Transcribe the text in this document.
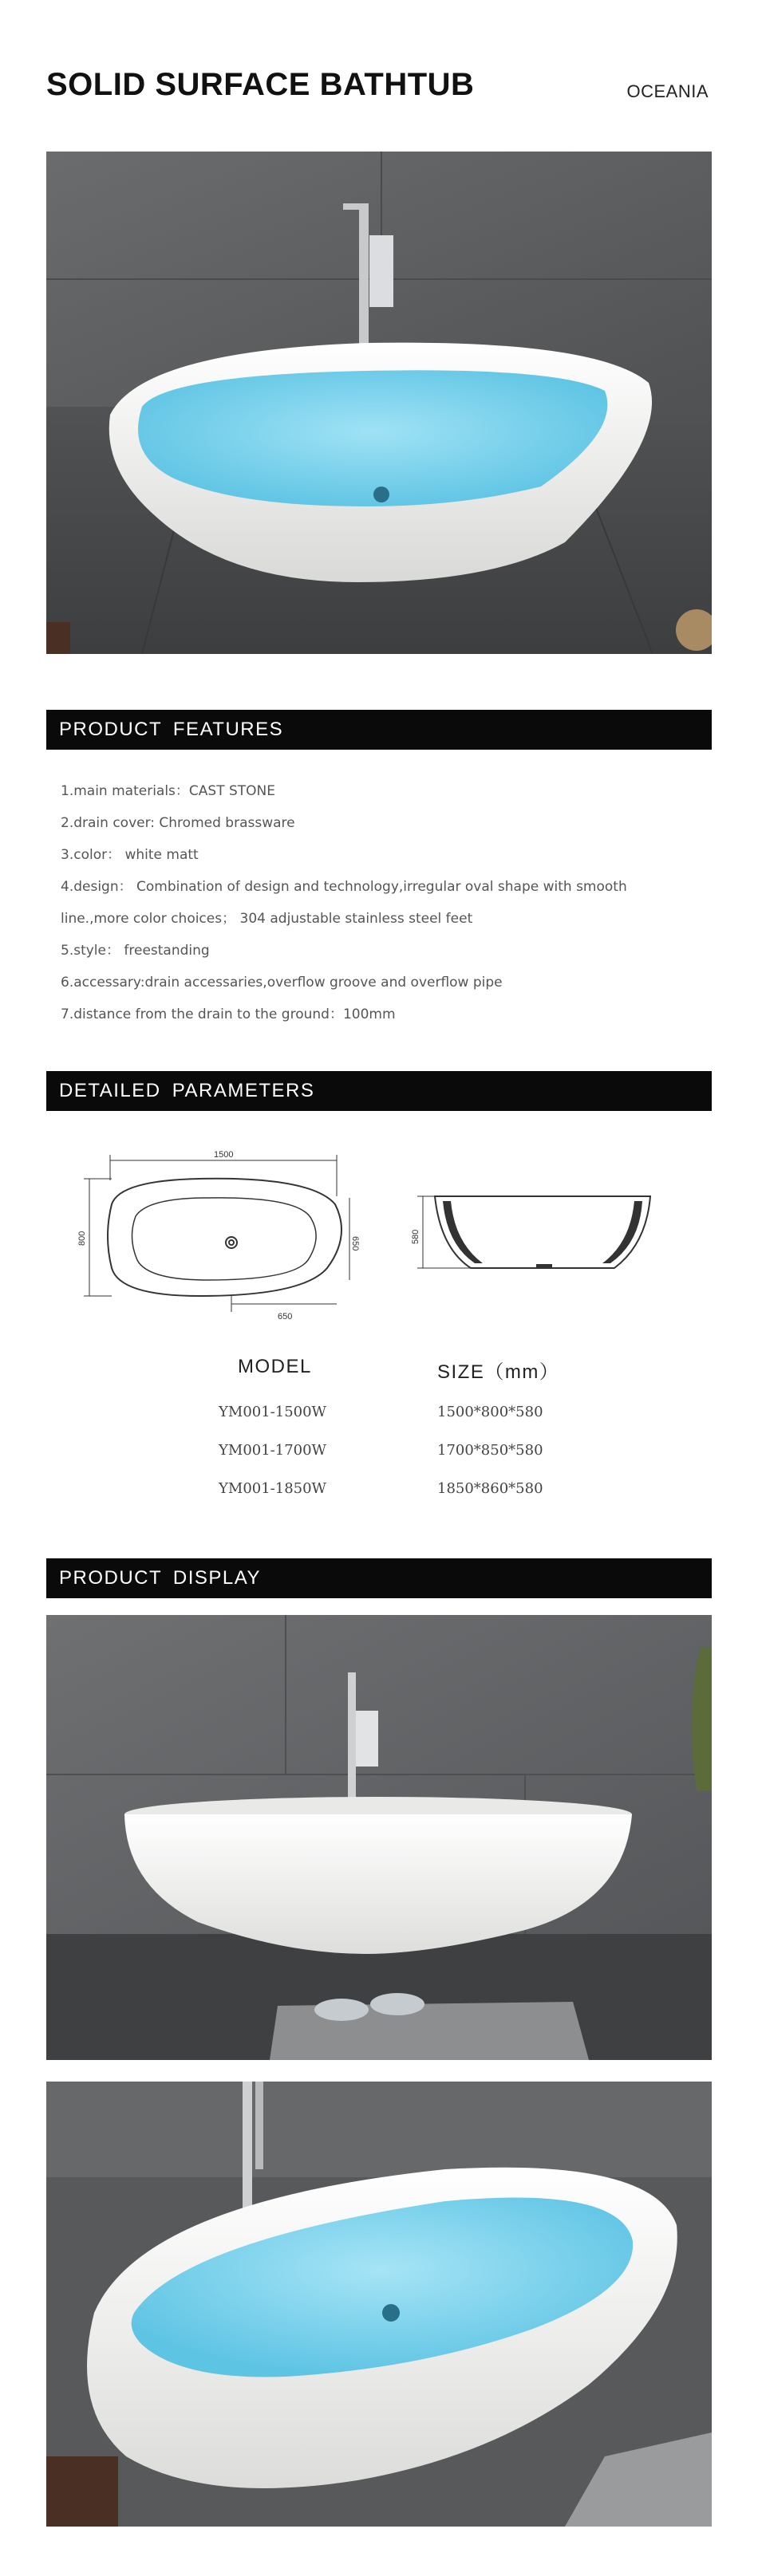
SOLID SURFACE BATHTUB	OCEANIA
PRODUCT FEATURES
1.main materials：CAST STONE
2.drain cover: Chromed brassware
3.color： white matt
4.design： Combination of design and technology,irregular oval shape with smooth
line.,more color choices； 304 adjustable stainless steel feet
5.style： freestanding
6.accessary:drain accessaries,overflow groove and overflow pipe
7.distance from the drain to the ground：100mm
DETAILED PARAMETERS
1500
800	650
650
580
MODEL	SIZE（mm）
YM001-1500W	1500*800*580
YM001-1700W	1700*850*580
YM001-1850W	1850*860*580
PRODUCT DISPLAY
